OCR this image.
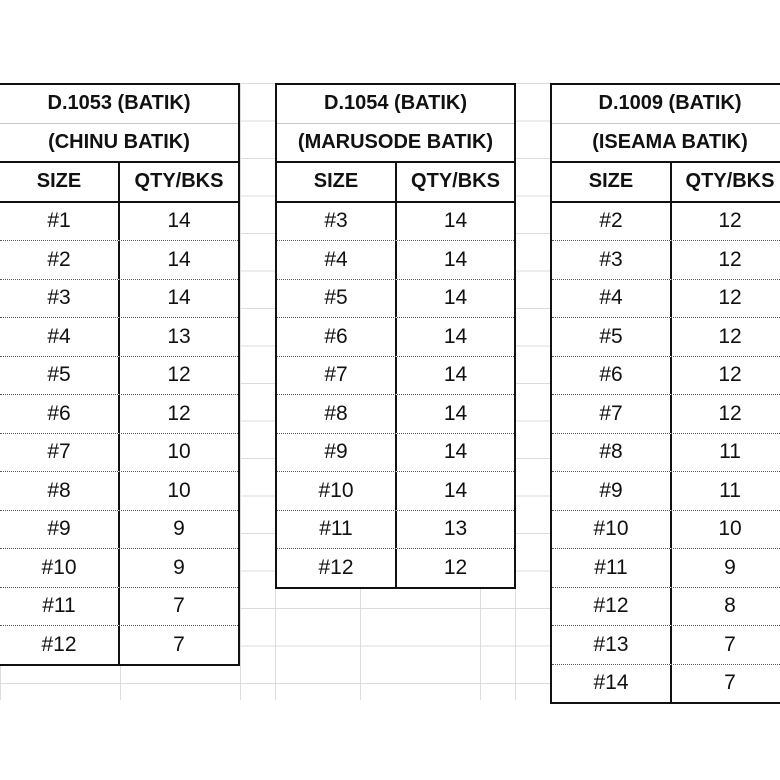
D.1053 (BATIK)
(CHINU BATIK)
SIZE	QTY/BKS
#1	14
#2	14
#3	14
#4	13
#5	12
#6	12
#7	10
#8	10
#9	9
#10	9
#11	7
#12	7
D.1054 (BATIK)
(MARUSODE BATIK)
SIZE	QTY/BKS
#3	14
#4	14
#5	14
#6	14
#7	14
#8	14
#9	14
#10	14
#11	13
#12	12
D.1009 (BATIK)
(ISEAMA BATIK)
SIZE	QTY/BKS
#2	12
#3	12
#4	12
#5	12
#6	12
#7	12
#8	11
#9	11
#10	10
#11	9
#12	8
#13	7
#14	7
